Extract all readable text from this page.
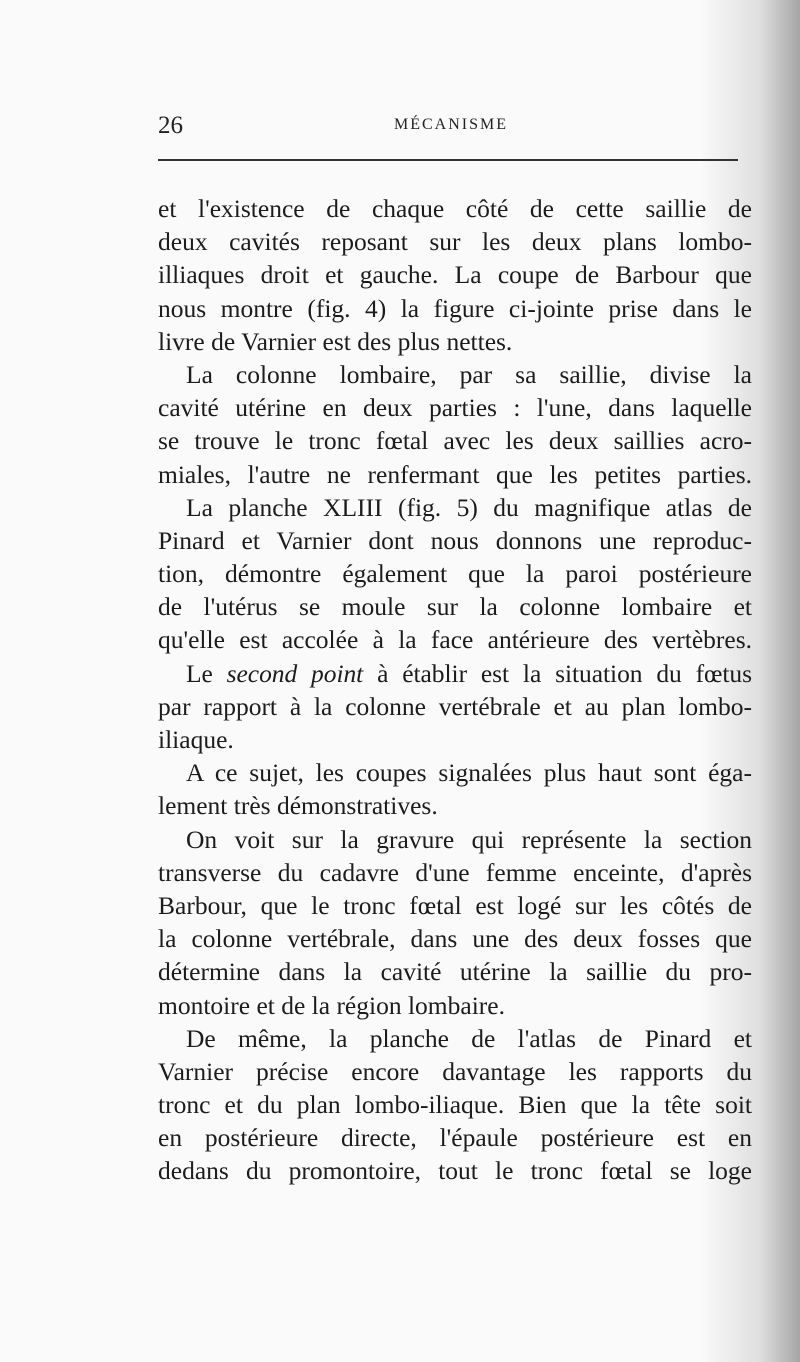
26	MÉCANISME
et l'existence de chaque côté de cette saillie de
deux cavités reposant sur les deux plans lombo-
illiaques droit et gauche. La coupe de Barbour que
nous montre (fig. 4) la figure ci-jointe prise dans le
livre de Varnier est des plus nettes.
La colonne lombaire, par sa saillie, divise la
cavité utérine en deux parties : l'une, dans laquelle
se trouve le tronc fœtal avec les deux saillies acro-
miales, l'autre ne renfermant que les petites parties.
La planche XLIII (fig. 5) du magnifique atlas de
Pinard et Varnier dont nous donnons une reproduc-
tion, démontre également que la paroi postérieure
de l'utérus se moule sur la colonne lombaire et
qu'elle est accolée à la face antérieure des vertèbres.
Le second point à établir est la situation du fœtus
par rapport à la colonne vertébrale et au plan lombo-
iliaque.
A ce sujet, les coupes signalées plus haut sont éga-
lement très démonstratives.
On voit sur la gravure qui représente la section
transverse du cadavre d'une femme enceinte, d'après
Barbour, que le tronc fœtal est logé sur les côtés de
la colonne vertébrale, dans une des deux fosses que
détermine dans la cavité utérine la saillie du pro-
montoire et de la région lombaire.
De même, la planche de l'atlas de Pinard et
Varnier précise encore davantage les rapports du
tronc et du plan lombo-iliaque. Bien que la tête soit
en postérieure directe, l'épaule postérieure est en
dedans du promontoire, tout le tronc fœtal se loge
